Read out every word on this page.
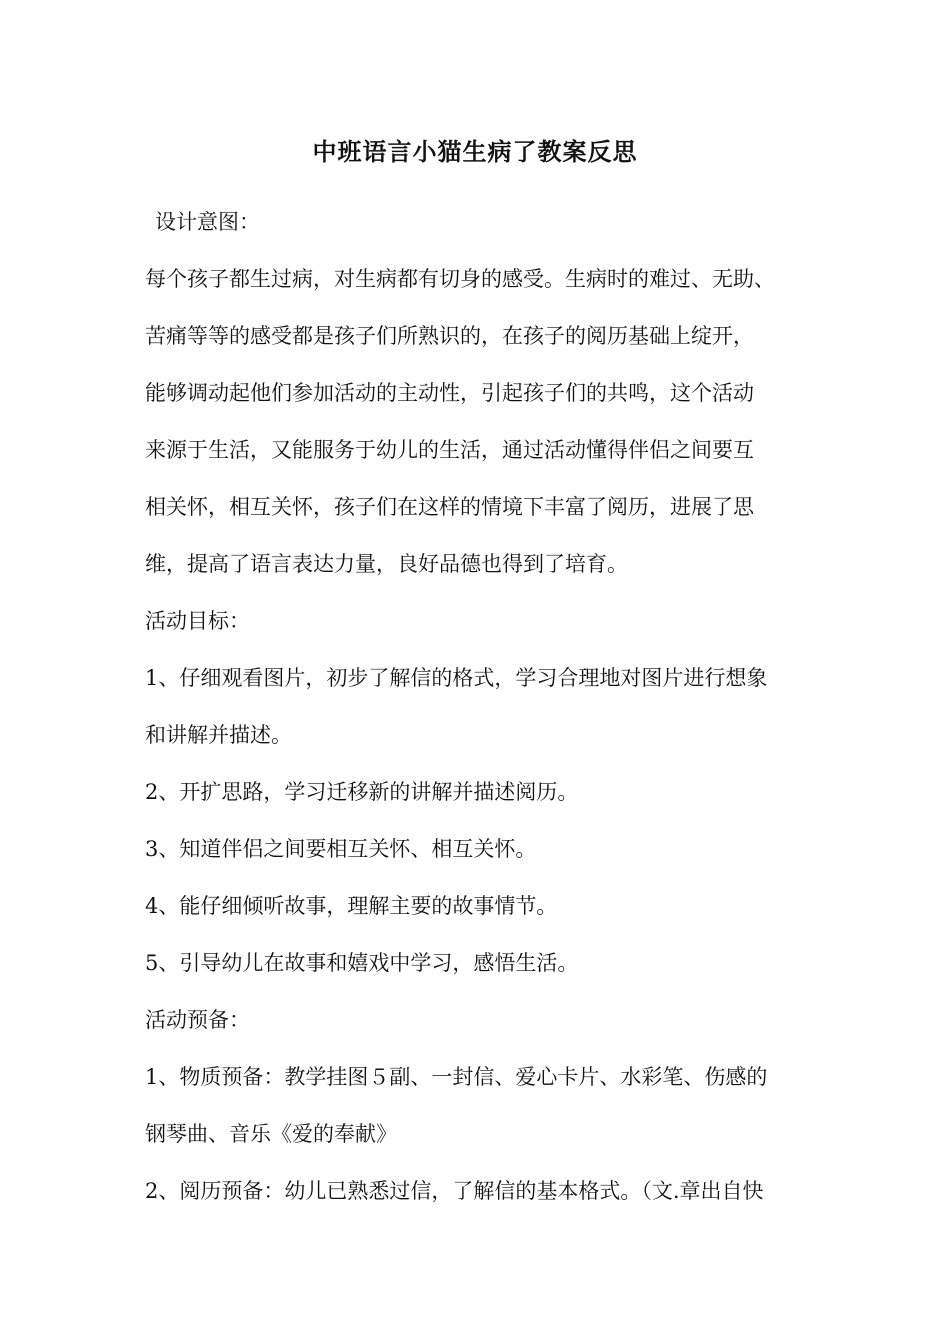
中班语言小猫生病了教案反思
设计意图：
每个孩子都生过病，对生病都有切身的感受。生病时的难过、无助、
苦痛等等的感受都是孩子们所熟识的，在孩子的阅历基础上绽开，
能够调动起他们参加活动的主动性，引起孩子们的共鸣，这个活动
来源于生活，又能服务于幼儿的生活，通过活动懂得伴侣之间要互
相关怀，相互关怀，孩子们在这样的情境下丰富了阅历，进展了思
维，提高了语言表达力量，良好品德也得到了培育。
活动目标：
1、仔细观看图片，初步了解信的格式，学习合理地对图片进行想象
和讲解并描述。
2、开扩思路，学习迁移新的讲解并描述阅历。
3、知道伴侣之间要相互关怀、相互关怀。
4、能仔细倾听故事，理解主要的故事情节。
5、引导幼儿在故事和嬉戏中学习，感悟生活。
活动预备：
1、物质预备：教学挂图５副、一封信、爱心卡片、水彩笔、伤感的
钢琴曲、音乐《爱的奉献》
2、阅历预备：幼儿已熟悉过信，了解信的基本格式。（文.章出自快
